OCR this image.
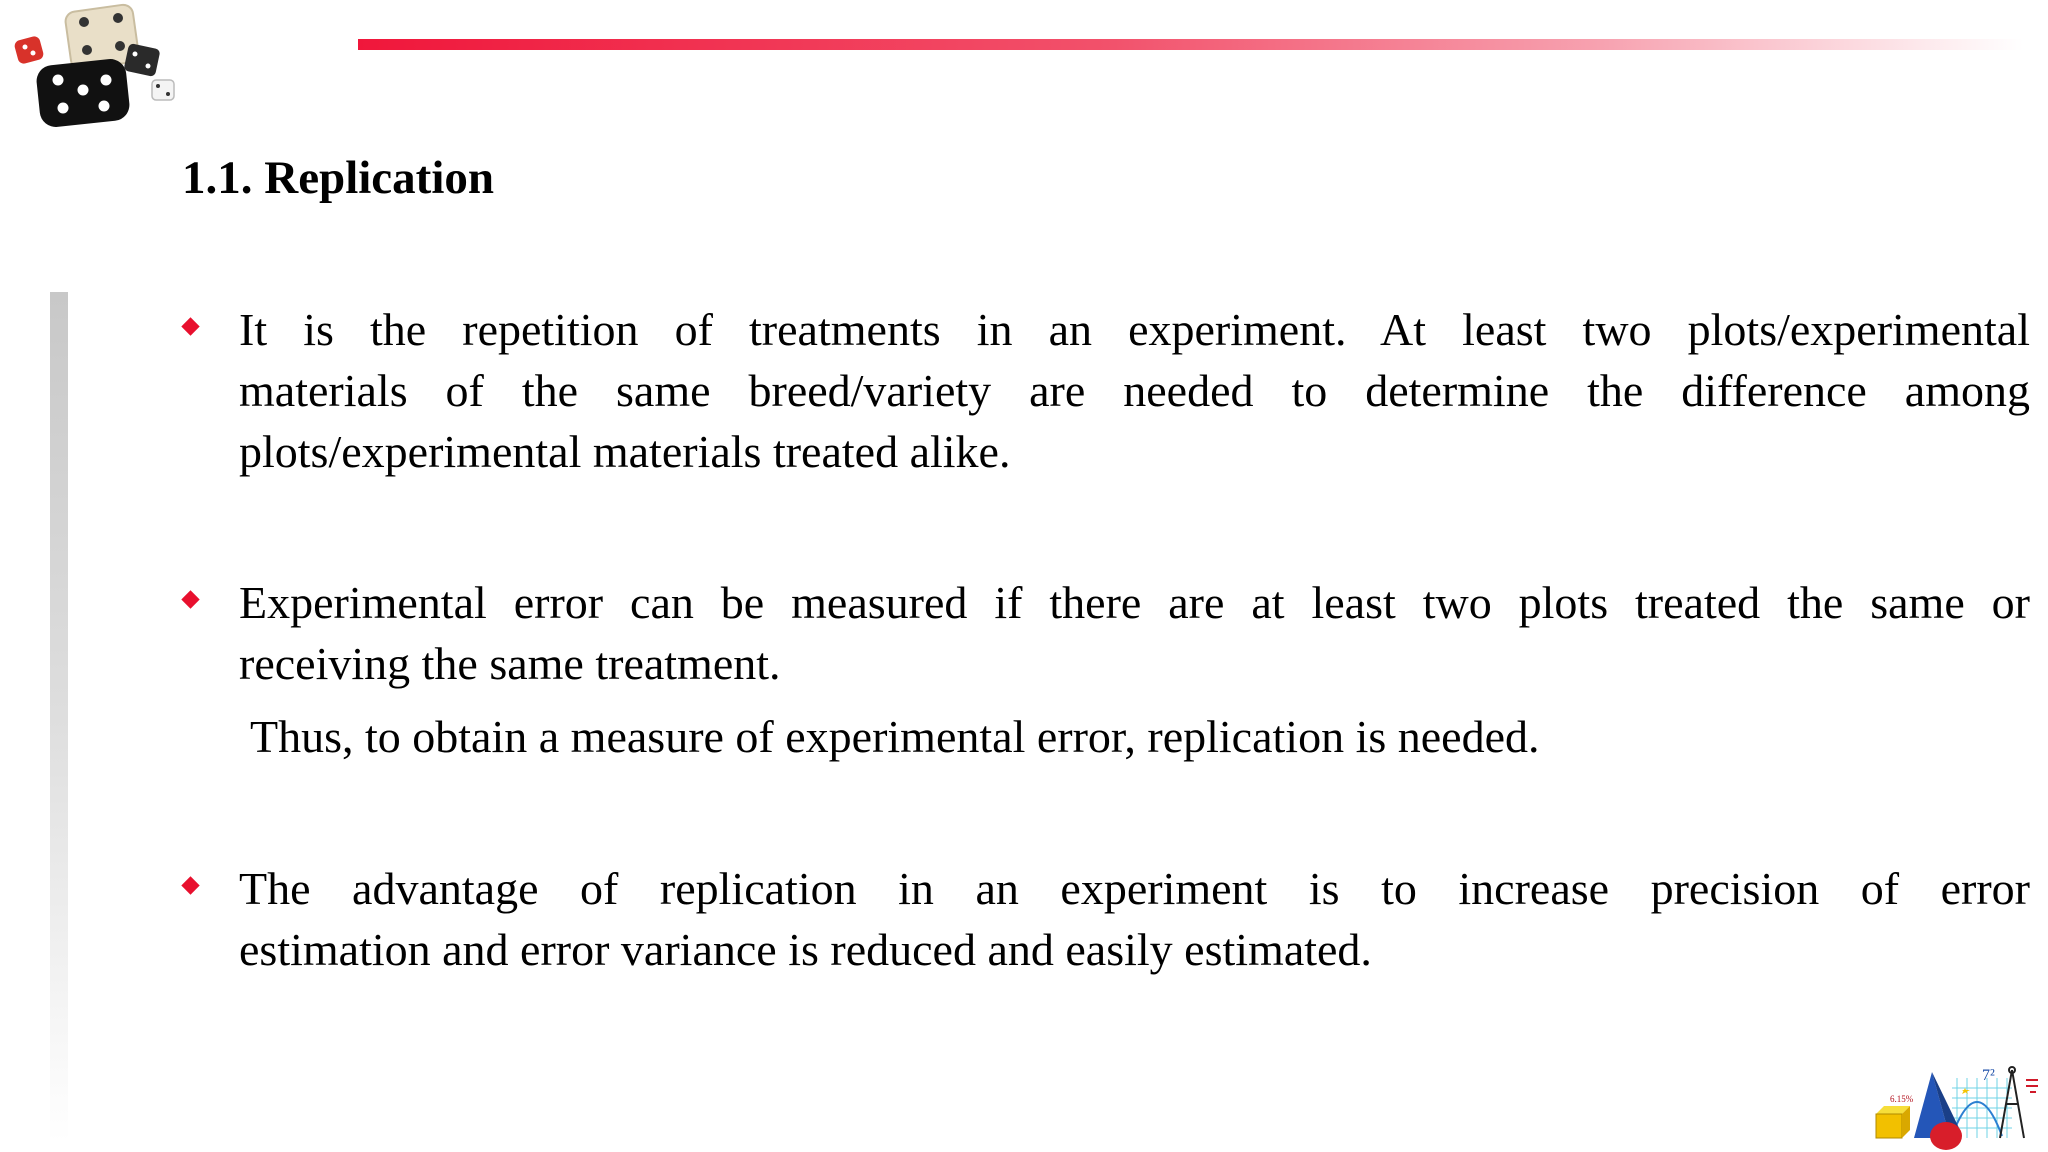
1.1. Replication
It is the repetition of treatments in an experiment. At least two plots/experimental
materials of the same breed/variety are needed to determine the difference among
plots/experimental materials treated alike.
Experimental error can be measured if there are at least two plots treated the same or
receiving the same treatment.
Thus, to obtain a measure of experimental error, replication is needed.
The advantage of replication in an experiment is to increase precision of error
estimation and error variance is reduced and easily estimated.
6.15%
7²
